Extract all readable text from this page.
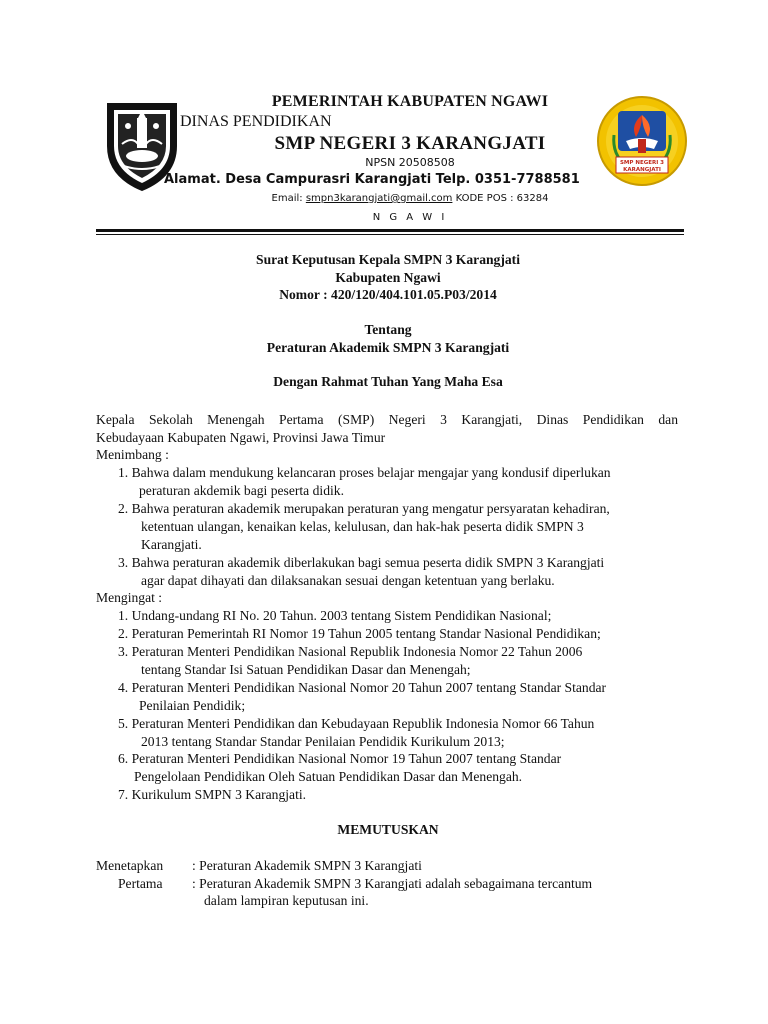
SMP NEGERI 3
KARANGJATI
PEMERINTAH KABUPATEN NGAWI
DINAS PENDIDIKAN
SMP NEGERI 3 KARANGJATI
NPSN 20508508
Alamat. Desa Campurasri Karangjati Telp. 0351-7788581
Email: smpn3karangjati@gmail.com KODE POS : 63284
N G A W I
Surat Keputusan Kepala SMPN 3 Karangjati
Kabupaten Ngawi
Nomor : 420/120/404.101.05.P03/2014
Tentang
Peraturan Akademik SMPN 3 Karangjati
Dengan Rahmat Tuhan Yang Maha Esa
Kepala Sekolah Menengah Pertama (SMP) Negeri 3 Karangjati, Dinas Pendidikan dan
Kebudayaan Kabupaten Ngawi, Provinsi Jawa Timur
Menimbang :
1. Bahwa dalam mendukung kelancaran proses belajar mengajar yang kondusif diperlukan
peraturan akdemik bagi peserta didik.
2. Bahwa peraturan akademik merupakan peraturan yang mengatur persyaratan kehadiran,
ketentuan ulangan, kenaikan kelas, kelulusan, dan hak-hak peserta didik SMPN 3
Karangjati.
3. Bahwa peraturan akademik diberlakukan bagi semua peserta didik SMPN 3 Karangjati
agar dapat dihayati dan dilaksanakan sesuai dengan ketentuan yang berlaku.
Mengingat :
1. Undang-undang RI No. 20 Tahun. 2003 tentang Sistem Pendidikan Nasional;
2. Peraturan Pemerintah RI Nomor 19 Tahun 2005 tentang Standar Nasional Pendidikan;
3. Peraturan Menteri Pendidikan Nasional Republik Indonesia Nomor 22 Tahun 2006
tentang Standar Isi Satuan Pendidikan Dasar dan Menengah;
4. Peraturan Menteri Pendidikan Nasional Nomor 20 Tahun 2007 tentang Standar Standar
Penilaian Pendidik;
5. Peraturan Menteri Pendidikan dan Kebudayaan Republik Indonesia Nomor 66 Tahun
2013 tentang Standar Standar Penilaian Pendidik Kurikulum 2013;
6. Peraturan Menteri Pendidikan Nasional Nomor 19 Tahun 2007 tentang Standar
Pengelolaan Pendidikan Oleh Satuan Pendidikan Dasar dan Menengah.
7. Kurikulum SMPN 3 Karangjati.
MEMUTUSKAN
Menetapkan : Peraturan Akademik SMPN 3 Karangjati
Pertama : Peraturan Akademik SMPN 3 Karangjati adalah sebagaimana tercantum
dalam lampiran keputusan ini.
